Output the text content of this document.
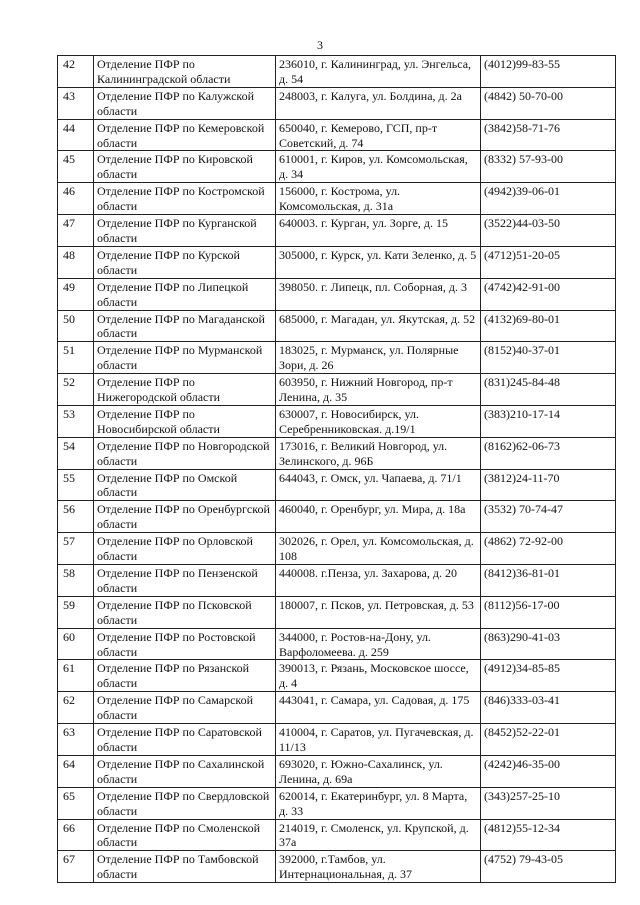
3
42	Отделение ПФР по Калининградской области	236010, г. Калининград, ул. Энгельса, д. 54	(4012)99-83-55
43	Отделение ПФР по Калужской области	248003, г. Калуга, ул. Болдина, д. 2а	(4842) 50-70-00
44	Отделение ПФР по Кемеровской области	650040, г. Кемерово, ГСП, пр-т Советский, д. 74	(3842)58-71-76
45	Отделение ПФР по Кировской области	610001, г. Киров, ул. Комсомольская, д. 34	(8332) 57-93-00
46	Отделение ПФР по Костромской области	156000, г. Кострома, ул. Комсомольская, д. 31а	(4942)39-06-01
47	Отделение ПФР по Курганской области	640003. г. Курган, ул. Зорге, д. 15	(3522)44-03-50
48	Отделение ПФР по Курской области	305000, г. Курск, ул. Кати Зеленко, д. 5	(4712)51-20-05
49	Отделение ПФР по Липецкой области	398050. г. Липецк, пл. Соборная, д. 3	(4742)42-91-00
50	Отделение ПФР по Магаданской области	685000, г. Магадан, ул. Якутская, д. 52	(4132)69-80-01
51	Отделение ПФР по Мурманской области	183025, г. Мурманск, ул. Полярные Зори, д. 26	(8152)40-37-01
52	Отделение ПФР по Нижегородской области	603950, г. Нижний Новгород, пр-т Ленина, д. 35	(831)245-84-48
53	Отделение ПФР по Новосибирской области	630007, г. Новосибирск, ул. Серебренниковская. д.19/1	(383)210-17-14
54	Отделение ПФР по Новгородской области	173016, г. Великий Новгород, ул. Зелинского, д. 96Б	(8162)62-06-73
55	Отделение ПФР по Омской области	644043, г. Омск, ул. Чапаева, д. 71/1	(3812)24-11-70
56	Отделение ПФР по Оренбургской области	460040, г. Оренбург, ул. Мира, д. 18а	(3532) 70-74-47
57	Отделение ПФР по Орловской области	302026, г. Орел, ул. Комсомольская, д. 108	(4862) 72-92-00
58	Отделение ПФР по Пензенской области	440008. г.Пенза, ул. Захарова, д. 20	(8412)36-81-01
59	Отделение ПФР по Псковской области	180007, г. Псков, ул. Петровская, д. 53	(8112)56-17-00
60	Отделение ПФР по Ростовской области	344000, г. Ростов-на-Дону, ул. Варфоломеева. д. 259	(863)290-41-03
61	Отделение ПФР по Рязанской области	390013, г. Рязань, Московское шоссе, д. 4	(4912)34-85-85
62	Отделение ПФР по Самарской области	443041, г. Самара, ул. Садовая, д. 175	(846)333-03-41
63	Отделение ПФР по Саратовской области	410004, г. Саратов, ул. Пугачевская, д. 11/13	(8452)52-22-01
64	Отделение ПФР по Сахалинской области	693020, г. Южно-Сахалинск, ул. Ленина, д. 69а	(4242)46-35-00
65	Отделение ПФР по Свердловской области	620014, г. Екатеринбург, ул. 8 Марта, д. 33	(343)257-25-10
66	Отделение ПФР по Смоленской области	214019, г. Смоленск, ул. Крупской, д. 37а	(4812)55-12-34
67	Отделение ПФР по Тамбовской области	392000, г.Тамбов, ул. Интернациональная, д. 37	(4752) 79-43-05
